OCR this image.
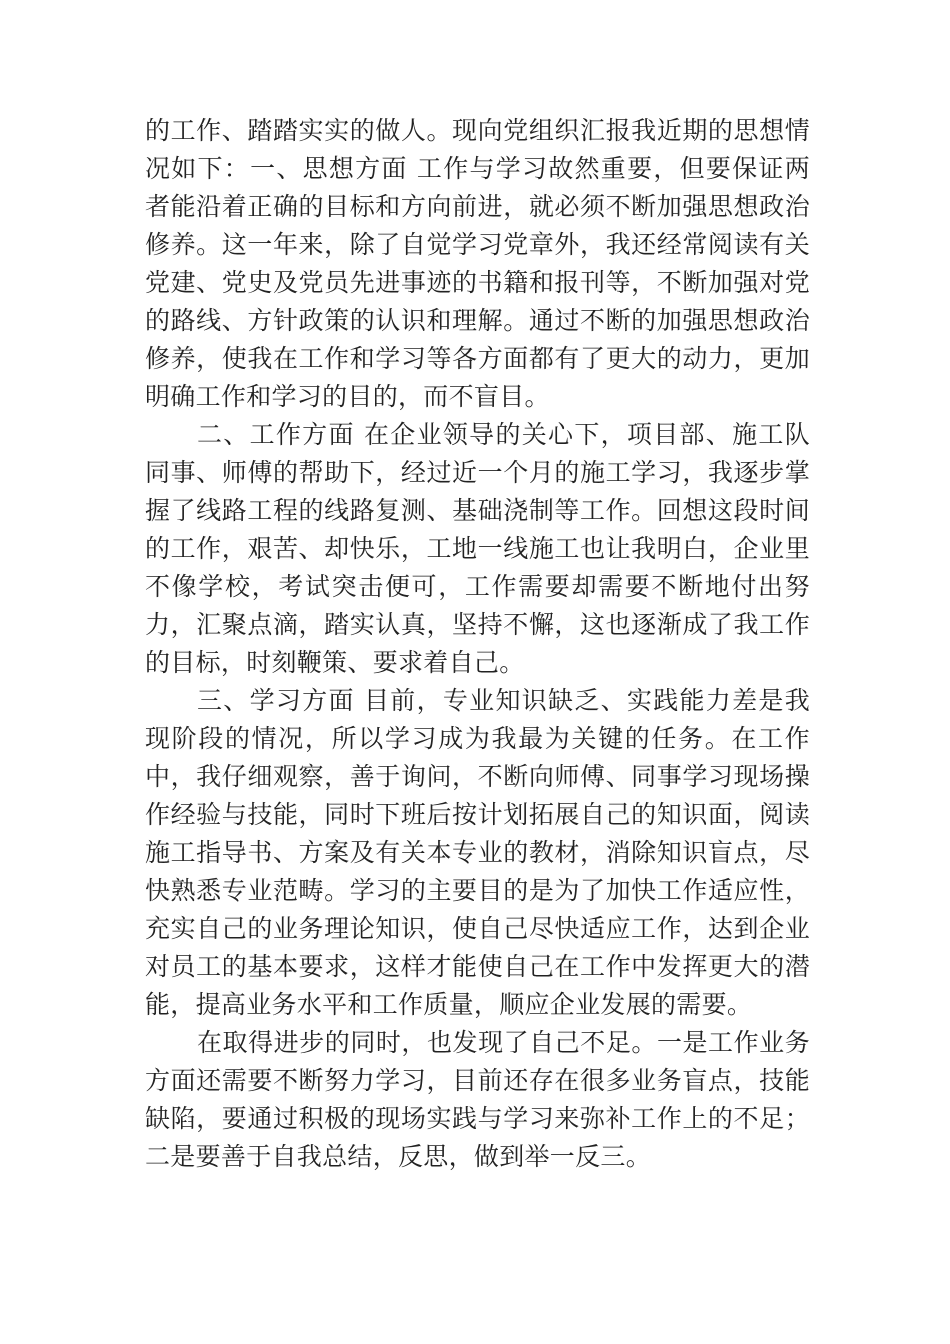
的工作、踏踏实实的做人。现向党组织汇报我近期的思想情况如下：一、思想方面 工作与学习故然重要，但要保证两者能沿着正确的目标和方向前进，就必须不断加强思想政治修养。这一年来，除了自觉学习党章外，我还经常阅读有关党建、党史及党员先进事迹的书籍和报刊等，不断加强对党的路线、方针政策的认识和理解。通过不断的加强思想政治修养，使我在工作和学习等各方面都有了更大的动力，更加明确工作和学习的目的，而不盲目。

二、工作方面 在企业领导的关心下，项目部、施工队同事、师傅的帮助下，经过近一个月的施工学习，我逐步掌握了线路工程的线路复测、基础浇制等工作。回想这段时间的工作，艰苦、却快乐，工地一线施工也让我明白，企业里不像学校，考试突击便可，工作需要却需要不断地付出努力，汇聚点滴，踏实认真，坚持不懈，这也逐渐成了我工作的目标，时刻鞭策、要求着自己。

三、学习方面 目前，专业知识缺乏、实践能力差是我现阶段的情况，所以学习成为我最为关键的任务。在工作中，我仔细观察，善于询问，不断向师傅、同事学习现场操作经验与技能，同时下班后按计划拓展自己的知识面，阅读施工指导书、方案及有关本专业的教材，消除知识盲点，尽快熟悉专业范畴。学习的主要目的是为了加快工作适应性，充实自己的业务理论知识，使自己尽快适应工作，达到企业对员工的基本要求，这样才能使自己在工作中发挥更大的潜能，提高业务水平和工作质量，顺应企业发展的需要。

在取得进步的同时，也发现了自己不足。一是工作业务方面还需要不断努力学习，目前还存在很多业务盲点，技能缺陷，要通过积极的现场实践与学习来弥补工作上的不足；二是要善于自我总结，反思，做到举一反三。
